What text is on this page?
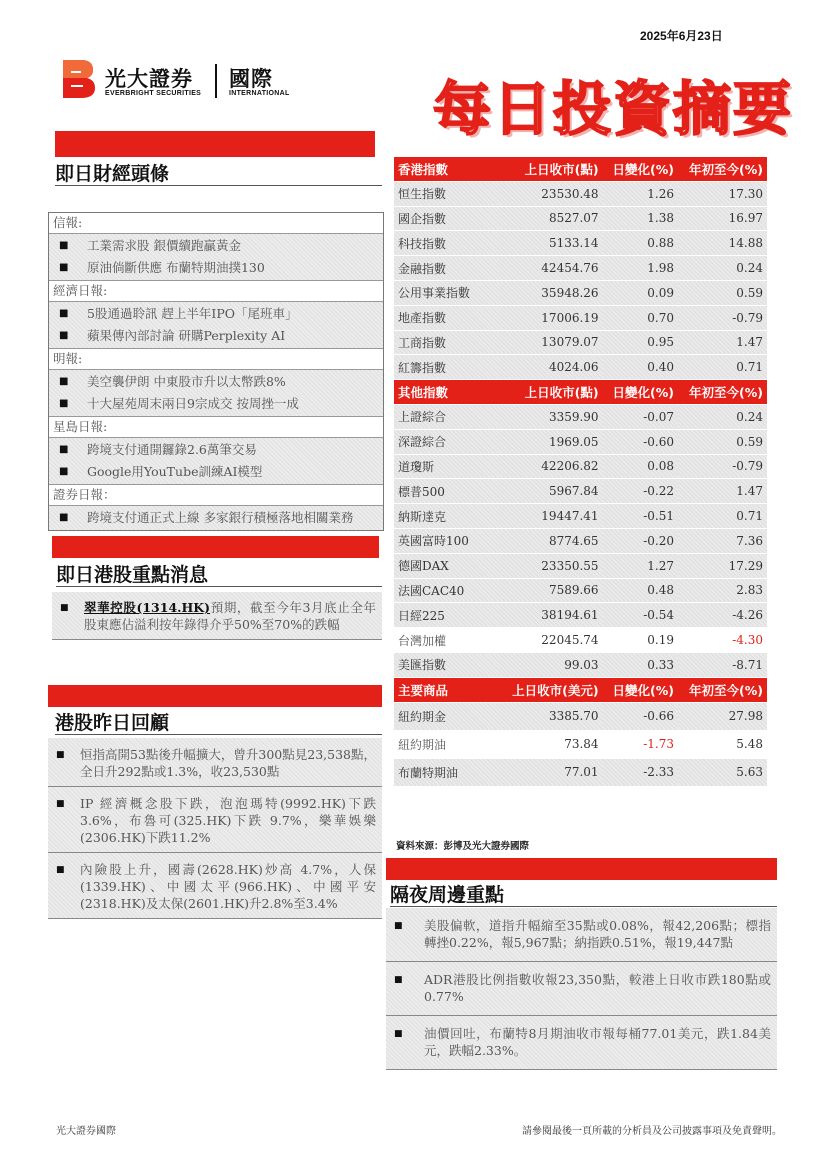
2025年6月23日
光大證券 國際
EVERBRIGHT SECURITIES	INTERNATIONAL 每日投資摘要
即日財經頭條
信報:
■	工業需求股 銀價續跑贏黃金
■	原油倘斷供應 布蘭特期油撲130
經濟日報:
■	5股通過聆訊 趕上半年IPO「尾班車」
■	蘋果傳內部討論 研購Perplexity AI
明報:
■	美空襲伊朗 中東股市升以太幣跌8%
■	十大屋苑周末兩日9宗成交 按周挫一成
星島日報:
■	跨境支付通開鑼錄2.6萬筆交易
■	Google用YouTube訓練AI模型
證券日報：
■	跨境支付通正式上線 多家銀行積極落地相關業務
即日港股重點消息
■	翠華控股(1314.HK)預期，截至今年3月底止全年股東應佔溢利按年錄得介乎50%至70%的跌幅
港股昨日回顧
■	恒指高開53點後升幅擴大，曾升300點見23,538點，全日升292點或1.3%，收23,530點
■	IP 經濟概念股下跌，泡泡瑪特(9992.HK)下跌3.6%，布魯可(325.HK)下跌 9.7%，樂華娛樂(2306.HK)下跌11.2%
■	內險股上升，國壽(2628.HK)炒高 4.7%，人保(1339.HK)、中國太平(966.HK)、中國平安(2318.HK)及太保(2601.HK)升2.8%至3.4%
香港指數	上日收市(點)	日變化(%)	年初至今(%)
恒生指數	23530.48	1.26	17.30
國企指數	8527.07	1.38	16.97
科技指數	5133.14	0.88	14.88
金融指數	42454.76	1.98	0.24
公用事業指數	35948.26	0.09	0.59
地產指數	17006.19	0.70	-0.79
工商指數	13079.07	0.95	1.47
紅籌指數	4024.06	0.40	0.71
其他指數	上日收市(點)	日變化(%)	年初至今(%)
上證綜合	3359.90	-0.07	0.24
深證綜合	1969.05	-0.60	0.59
道瓊斯	42206.82	0.08	-0.79
標普500	5967.84	-0.22	1.47
納斯達克	19447.41	-0.51	0.71
英國富時100	8774.65	-0.20	7.36
德國DAX	23350.55	1.27	17.29
法國CAC40	7589.66	0.48	2.83
日經225	38194.61	-0.54	-4.26
台灣加權	22045.74	0.19	-4.30
美匯指數	99.03	0.33	-8.71
主要商品	上日收市(美元)	日變化(%)	年初至今(%)
紐約期金	3385.70	-0.66	27.98
紐約期油	73.84	-1.73	5.48
布蘭特期油	77.01	-2.33	5.63
資料來源：彭博及光大證券國際
隔夜周邊重點
■	美股偏軟，道指升幅縮至35點或0.08%，報42,206點；標指轉挫0.22%，報5,967點；納指跌0.51%，報19,447點
■	ADR港股比例指數收報23,350點，較港上日收市跌180點或0.77%
■	油價回吐，布蘭特8月期油收市報每桶77.01美元，跌1.84美元，跌幅2.33%。
光大證券國際	請參閱最後一頁所載的分析員及公司披露事項及免責聲明。
